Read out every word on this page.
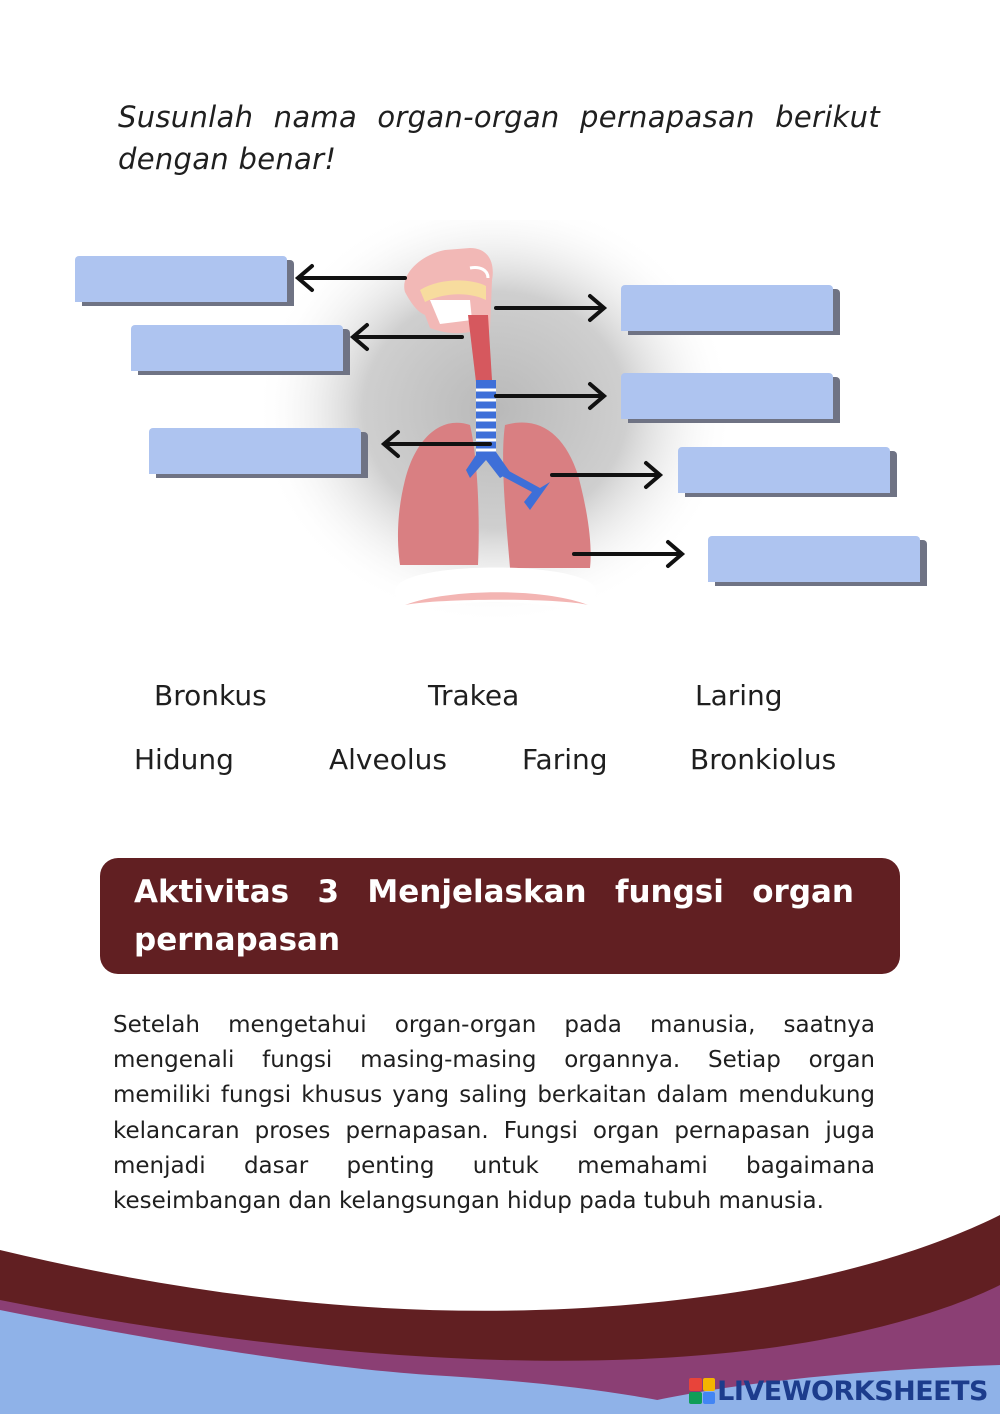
Susunlah nama organ-organ pernapasan berikut dengan benar!
Bronkus	Trakea	Laring
Hidung	Alveolus	Faring	Bronkiolus
Aktivitas 3 Menjelaskan fungsi organ pernapasan
Setelah mengetahui organ-organ pada manusia, saatnya mengenali fungsi masing-masing organnya. Setiap organ memiliki fungsi khusus yang saling berkaitan dalam mendukung kelancaran proses pernapasan. Fungsi organ pernapasan juga menjadi dasar penting untuk memahami bagaimana keseimbangan dan kelangsungan hidup pada tubuh manusia.
LIVEWORKSHEETS
